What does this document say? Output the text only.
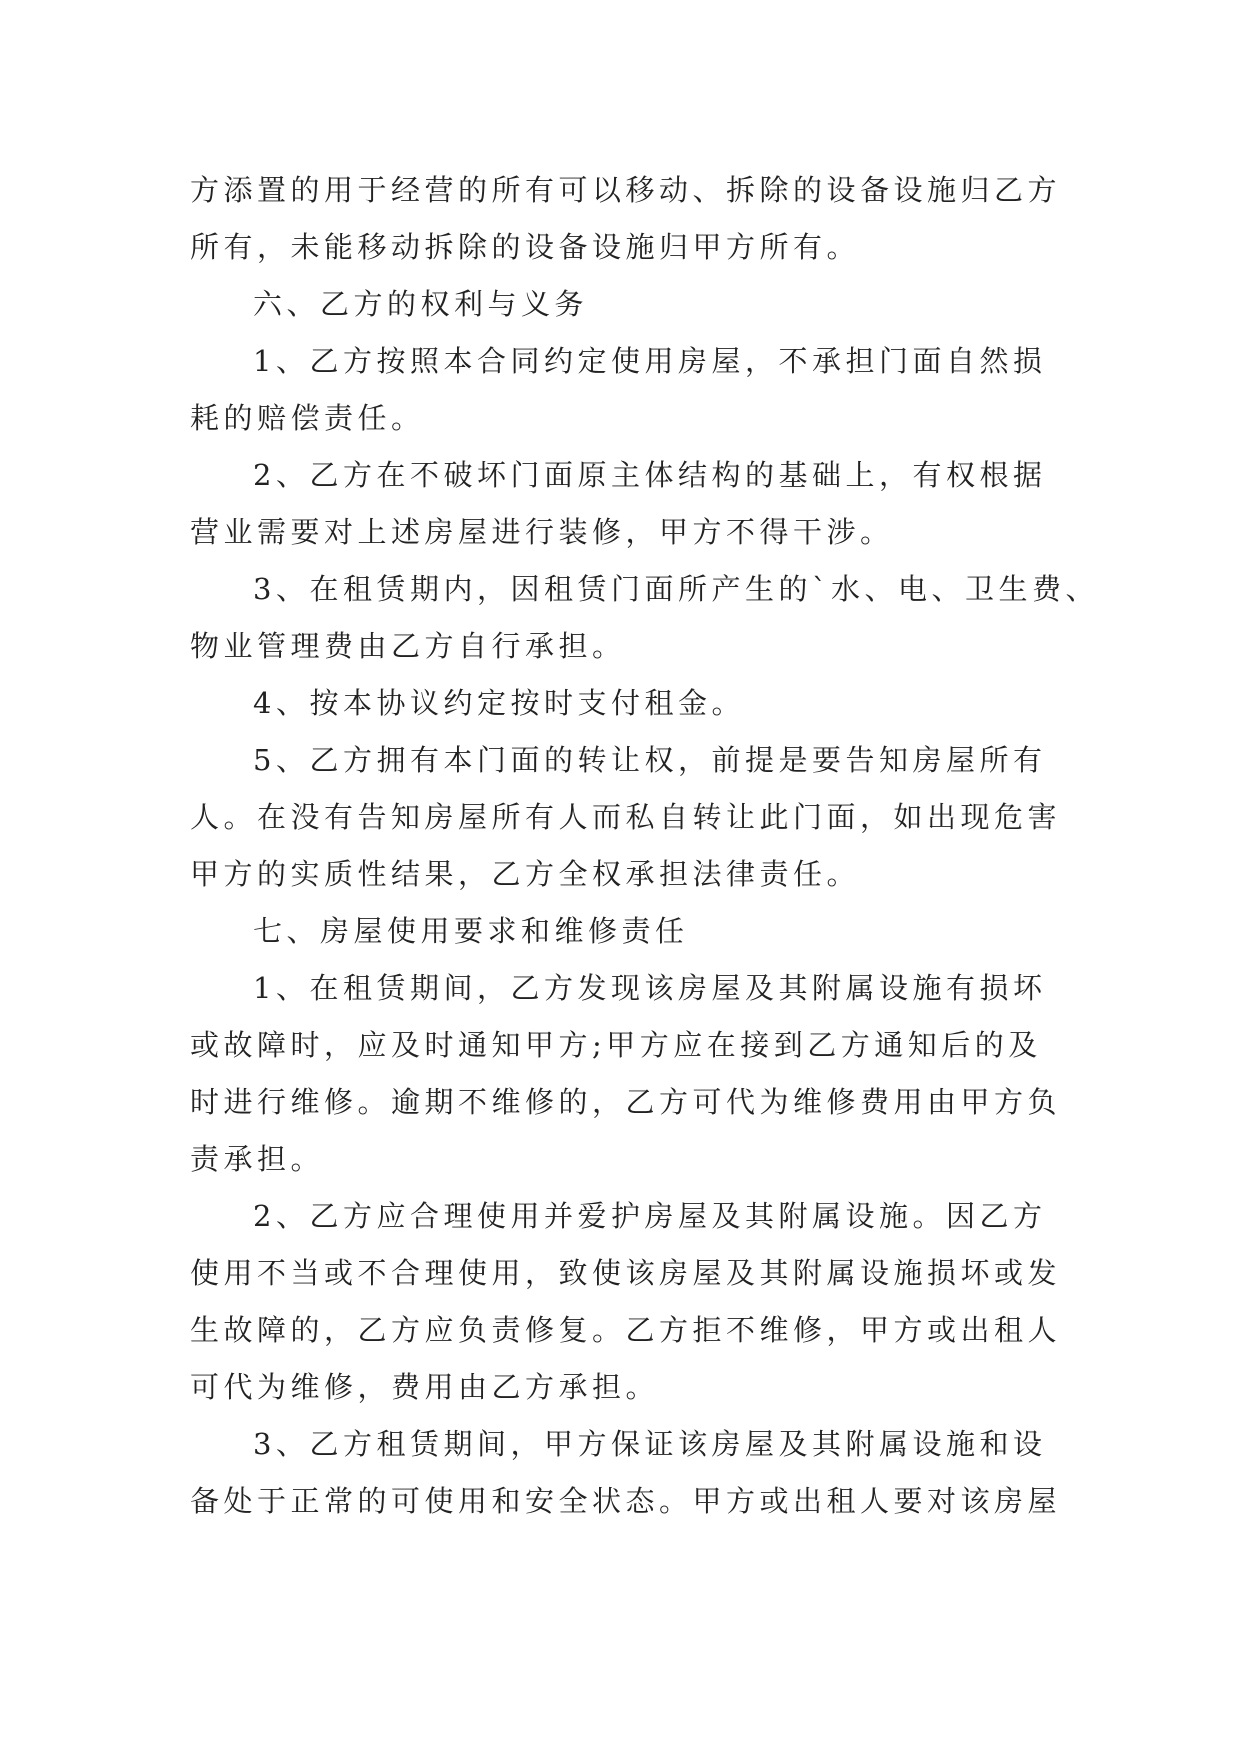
方添置的用于经营的所有可以移动、拆除的设备设施归乙方
所有，未能移动拆除的设备设施归甲方所有。
六、乙方的权利与义务
1、乙方按照本合同约定使用房屋，不承担门面自然损
耗的赔偿责任。
2、乙方在不破坏门面原主体结构的基础上，有权根据
营业需要对上述房屋进行装修，甲方不得干涉。
3、在租赁期内，因租赁门面所产生的`水、电、卫生费、
物业管理费由乙方自行承担。
4、按本协议约定按时支付租金。
5、乙方拥有本门面的转让权，前提是要告知房屋所有
人。在没有告知房屋所有人而私自转让此门面，如出现危害
甲方的实质性结果，乙方全权承担法律责任。
七、房屋使用要求和维修责任
1、在租赁期间，乙方发现该房屋及其附属设施有损坏
或故障时，应及时通知甲方;甲方应在接到乙方通知后的及
时进行维修。逾期不维修的，乙方可代为维修费用由甲方负
责承担。
2、乙方应合理使用并爱护房屋及其附属设施。因乙方
使用不当或不合理使用，致使该房屋及其附属设施损坏或发
生故障的，乙方应负责修复。乙方拒不维修，甲方或出租人
可代为维修，费用由乙方承担。
3、乙方租赁期间，甲方保证该房屋及其附属设施和设
备处于正常的可使用和安全状态。甲方或出租人要对该房屋
